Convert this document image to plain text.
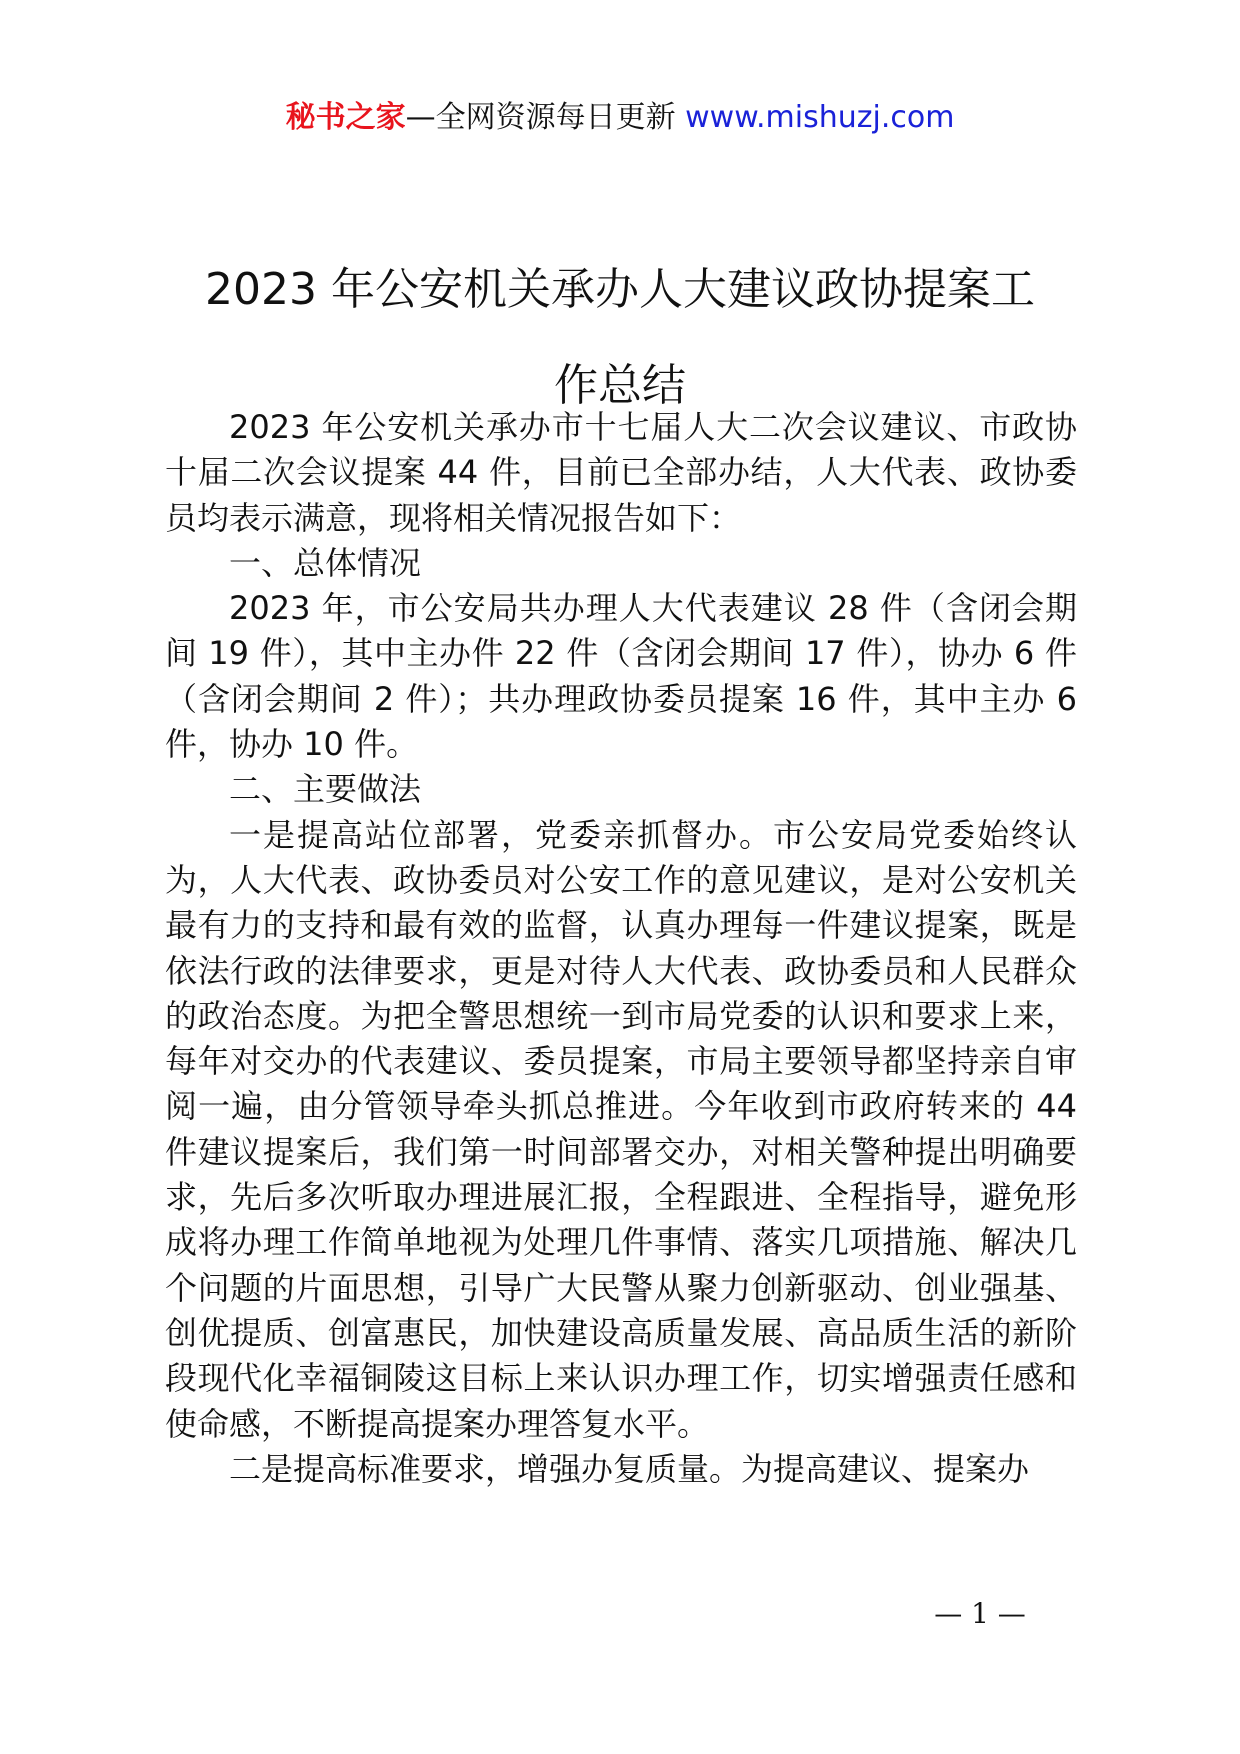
秘书之家—全网资源每日更新 www.mishuzj.com
2023 年公安机关承办人大建议政协提案工
作总结

2023 年公安机关承办市十七届人大二次会议建议、市政协十届二次会议提案 44 件，目前已全部办结，人大代表、政协委员均表示满意，现将相关情况报告如下：

一、总体情况

2023 年，市公安局共办理人大代表建议 28 件（含闭会期间 19 件），其中主办件 22 件（含闭会期间 17 件），协办 6 件（含闭会期间 2 件）；共办理政协委员提案 16 件，其中主办 6 件，协办 10 件。

二、主要做法

一是提高站位部署，党委亲抓督办。市公安局党委始终认为，人大代表、政协委员对公安工作的意见建议，是对公安机关最有力的支持和最有效的监督，认真办理每一件建议提案，既是依法行政的法律要求，更是对待人大代表、政协委员和人民群众的政治态度。为把全警思想统一到市局党委的认识和要求上来，每年对交办的代表建议、委员提案，市局主要领导都坚持亲自审阅一遍，由分管领导牵头抓总推进。今年收到市政府转来的 44 件建议提案后，我们第一时间部署交办，对相关警种提出明确要求，先后多次听取办理进展汇报，全程跟进、全程指导，避免形成将办理工作简单地视为处理几件事情、落实几项措施、解决几个问题的片面思想，引导广大民警从聚力创新驱动、创业强基、创优提质、创富惠民，加快建设高质量发展、高品质生活的新阶段现代化幸福铜陵这目标上来认识办理工作，切实增强责任感和使命感，不断提高提案办理答复水平。

二是提高标准要求，增强办复质量。为提高建议、提案办

— 1 —
